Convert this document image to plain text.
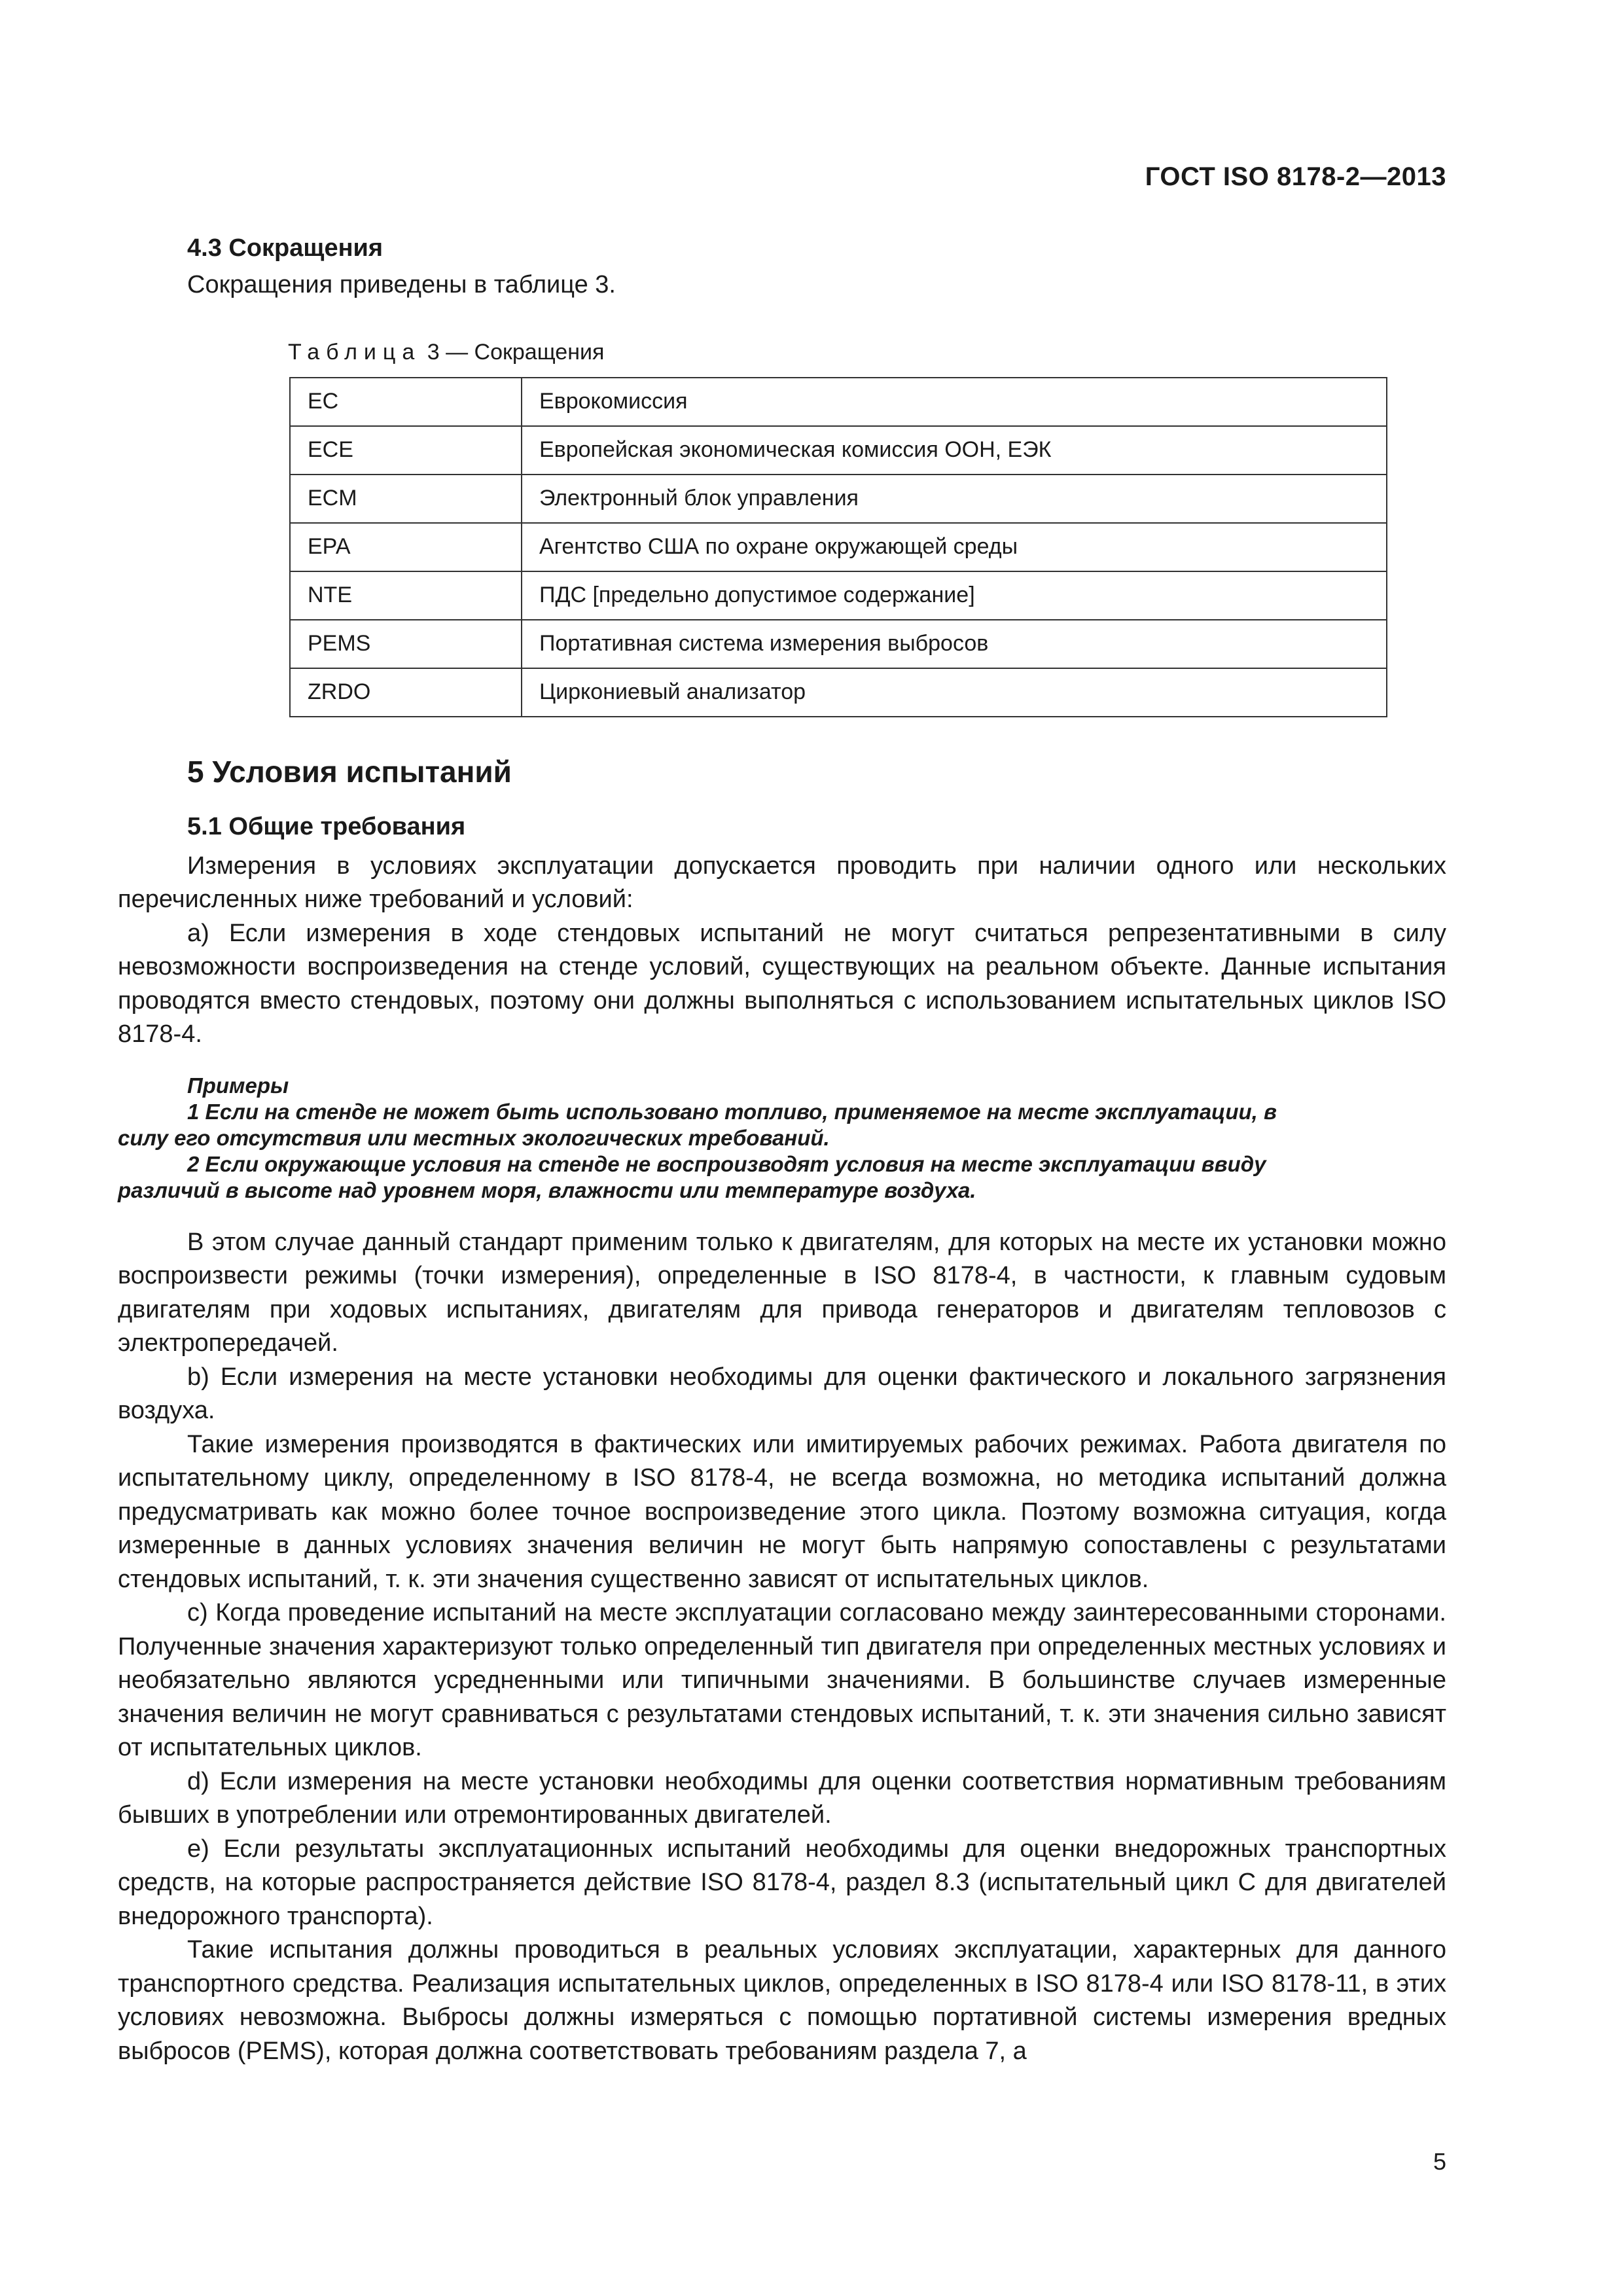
ГОСТ ISO 8178-2—2013
4.3 Сокращения

Сокращения приведены в таблице 3.

Таблица 3 — Сокращения
EC	Еврокомиссия
ECE	Европейская экономическая комиссия ООН, ЕЭК
ECM	Электронный блок управления
EPA	Агентство США по охране окружающей среды
NTE	ПДС [предельно допустимое содержание]
PEMS	Портативная система измерения выбросов
ZRDO	Циркониевый анализатор
5 Условия испытаний
5.1 Общие требования

Измерения в условиях эксплуатации допускается проводить при наличии одного или нескольких перечисленных ниже требований и условий:

a) Если измерения в ходе стендовых испытаний не могут считаться репрезентативными в силу невозможности воспроизведения на стенде условий, существующих на реальном объекте. Данные испытания проводятся вместо стендовых, поэтому они должны выполняться с использованием испытательных циклов ISO 8178-4.

Примеры

1 Если на стенде не может быть использовано топливо, применяемое на месте эксплуатации, в

силу его отсутствия или местных экологических требований.

2 Если окружающие условия на стенде не воспроизводят условия на месте эксплуатации ввиду

различий в высоте над уровнем моря, влажности или температуре воздуха.

В этом случае данный стандарт применим только к двигателям, для которых на месте их установки можно воспроизвести режимы (точки измерения), определенные в ISO 8178-4, в частности, к главным судовым двигателям при ходовых испытаниях, двигателям для привода генераторов и двигателям тепловозов с электропередачей.

b) Если измерения на месте установки необходимы для оценки фактического и локального загрязнения воздуха.

Такие измерения производятся в фактических или имитируемых рабочих режимах. Работа двигателя по испытательному циклу, определенному в ISO 8178-4, не всегда возможна, но методика испытаний должна предусматривать как можно более точное воспроизведение этого цикла. Поэтому возможна ситуация, когда измеренные в данных условиях значения величин не могут быть напрямую сопоставлены с результатами стендовых испытаний, т. к. эти значения существенно зависят от испытательных циклов.

c) Когда проведение испытаний на месте эксплуатации согласовано между заинтересованными сторонами. Полученные значения характеризуют только определенный тип двигателя при определенных местных условиях и необязательно являются усредненными или типичными значениями. В большинстве случаев измеренные значения величин не могут сравниваться с результатами стендовых испытаний, т. к. эти значения сильно зависят от испытательных циклов.

d) Если измерения на месте установки необходимы для оценки соответствия нормативным требованиям бывших в употреблении или отремонтированных двигателей.

e) Если результаты эксплуатационных испытаний необходимы для оценки внедорожных транспортных средств, на которые распространяется действие ISO 8178-4, раздел 8.3 (испытательный цикл C для двигателей внедорожного транспорта).

Такие испытания должны проводиться в реальных условиях эксплуатации, характерных для данного транспортного средства. Реализация испытательных циклов, определенных в ISO 8178-4 или ISO 8178-11, в этих условиях невозможна. Выбросы должны измеряться с помощью портативной системы измерения вредных выбросов (PEMS), которая должна соответствовать требованиям раздела 7, а

5
